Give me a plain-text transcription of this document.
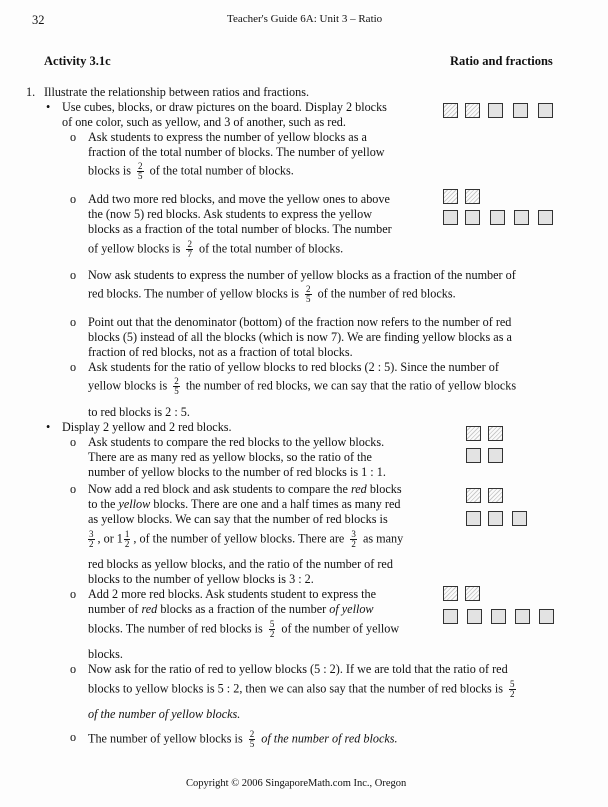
32	Teacher's Guide 6A: Unit 3 – Ratio
Activity 3.1c	Ratio and fractions
1. Illustrate the relationship between ratios and fractions.
• Use cubes, blocks, or draw pictures on the board. Display 2 blocks
of one color, such as yellow, and 3 of another, such as red.
o Ask students to express the number of yellow blocks as a
fraction of the total number of blocks. The number of yellow
blocks is $\frac{2}{5}$ of the total number of blocks.
o Add two more red blocks, and move the yellow ones to above
the (now 5) red blocks. Ask students to express the yellow
blocks as a fraction of the total number of blocks. The number
of yellow blocks is $\frac{2}{7}$ of the total number of blocks.
o Now ask students to express the number of yellow blocks as a fraction of the number of
red blocks. The number of yellow blocks is $\frac{2}{5}$ of the number of red blocks.
o Point out that the denominator (bottom) of the fraction now refers to the number of red
blocks (5) instead of all the blocks (which is now 7). We are finding yellow blocks as a
fraction of red blocks, not as a fraction of total blocks.
o Ask students for the ratio of yellow blocks to red blocks (2 : 5). Since the number of
yellow blocks is $\frac{2}{5}$ the number of red blocks, we can say that the ratio of yellow blocks
to red blocks is 2 : 5.
• Display 2 yellow and 2 red blocks.
o Ask students to compare the red blocks to the yellow blocks.
There are as many red as yellow blocks, so the ratio of the
number of yellow blocks to the number of red blocks is 1 : 1.
o Now add a red block and ask students to compare the red blocks
to the yellow blocks. There are one and a half times as many red
as yellow blocks. We can say that the number of red blocks is
$\frac{3}{2}$ , or $1 \frac{1}{2}$ , of the number of yellow blocks. There are $\frac{3}{2}$ as many
red blocks as yellow blocks, and the ratio of the number of red
blocks to the number of yellow blocks is 3 : 2.
o Add 2 more red blocks. Ask students student to express the
number of red blocks as a fraction of the number of yellow
blocks. The number of red blocks is $\frac{5}{2}$ of the number of yellow
blocks.
o Now ask for the ratio of red to yellow blocks (5 : 2). If we are told that the ratio of red
blocks to yellow blocks is 5 : 2, then we can also say that the number of red blocks is $\frac{5}{2}$
of the number of yellow blocks.
o The number of yellow blocks is $\frac{2}{5}$ of the number of red blocks.
Copyright © 2006 SingaporeMath.com Inc., Oregon
